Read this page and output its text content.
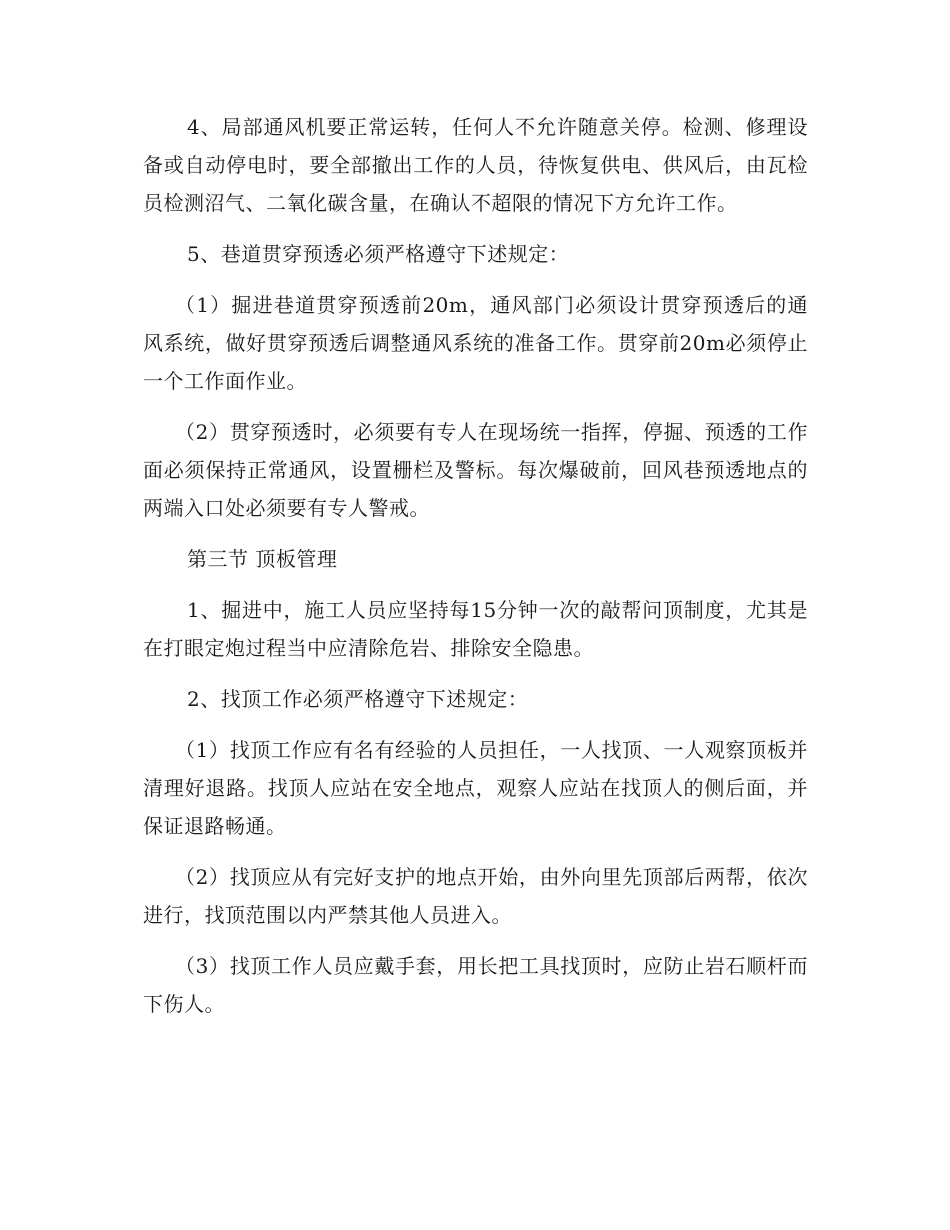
4、局部通风机要正常运转，任何人不允许随意关停。检测、修理设备或自动停电时，要全部撤出工作的人员，待恢复供电、供风后，由瓦检员检测沼气、二氧化碳含量，在确认不超限的情况下方允许工作。

5、巷道贯穿预透必须严格遵守下述规定：

（1）掘进巷道贯穿预透前20m，通风部门必须设计贯穿预透后的通风系统，做好贯穿预透后调整通风系统的准备工作。贯穿前20m必须停止一个工作面作业。

（2）贯穿预透时，必须要有专人在现场统一指挥，停掘、预透的工作面必须保持正常通风，设置栅栏及警标。每次爆破前，回风巷预透地点的两端入口处必须要有专人警戒。

第三节 顶板管理

1、掘进中，施工人员应坚持每15分钟一次的敲帮问顶制度，尤其是在打眼定炮过程当中应清除危岩、排除安全隐患。

2、找顶工作必须严格遵守下述规定：

（1）找顶工作应有名有经验的人员担任，一人找顶、一人观察顶板并清理好退路。找顶人应站在安全地点，观察人应站在找顶人的侧后面，并保证退路畅通。

（2）找顶应从有完好支护的地点开始，由外向里先顶部后两帮，依次进行，找顶范围以内严禁其他人员进入。

（3）找顶工作人员应戴手套，用长把工具找顶时，应防止岩石顺杆而下伤人。
